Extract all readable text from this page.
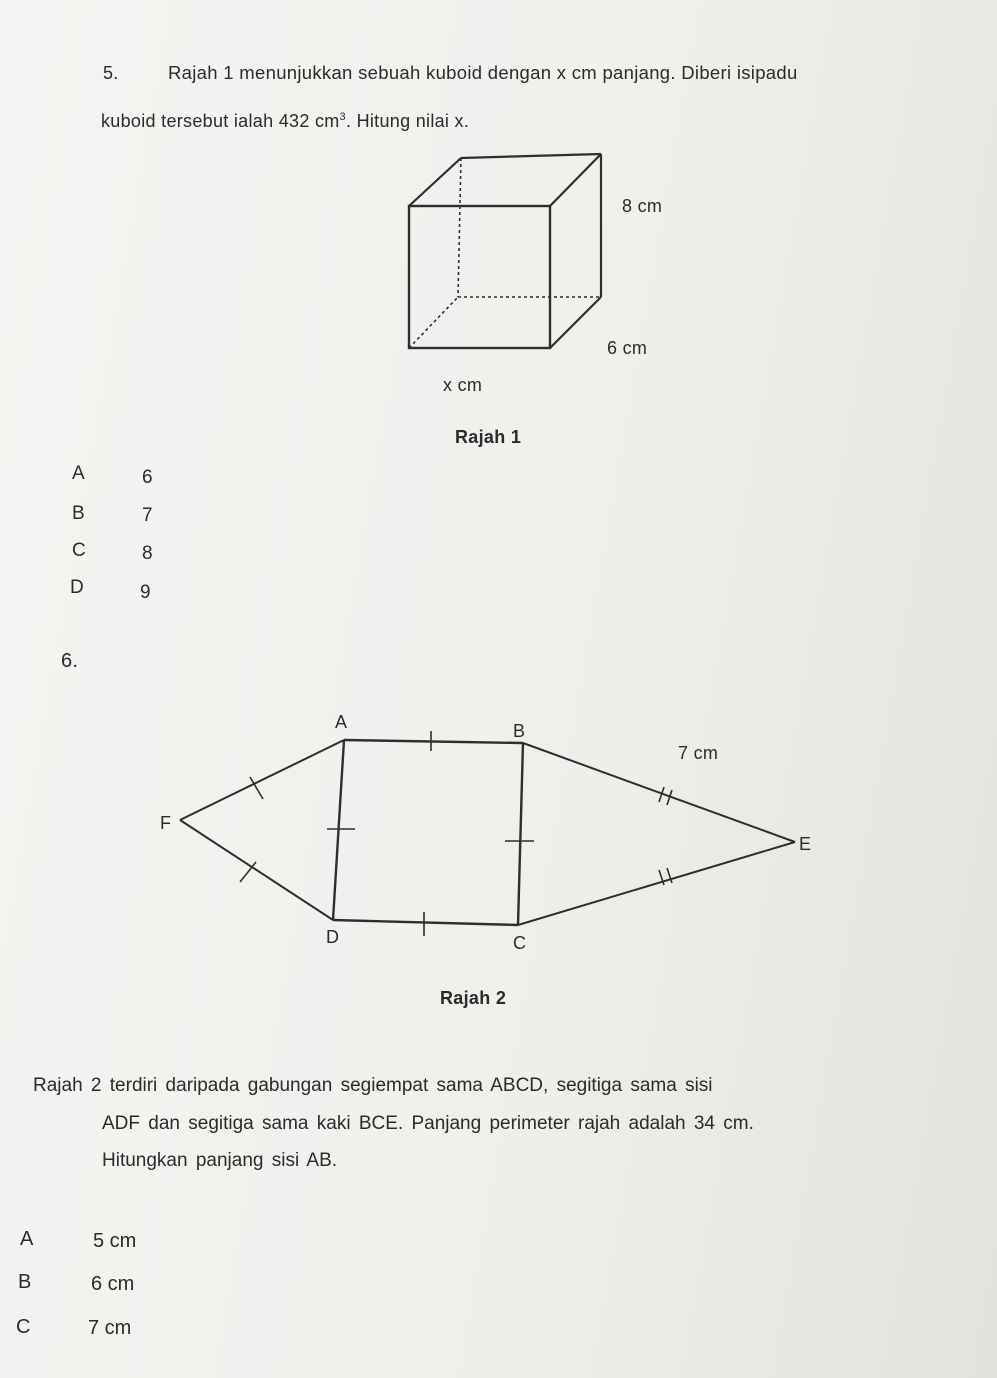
5.	Rajah 1 menunjukkan sebuah kuboid dengan x cm panjang. Diberi isipadu
kuboid tersebut ialah 432 $cm^3$. Hitung nilai x.
8 cm
6 cm
x cm
Rajah 1
A	6
B	7
C	8
D	9
6.
A	B
C
D
E
F
7 cm
Rajah 2
Rajah 2 terdiri daripada gabungan segiempat sama ABCD, segitiga sama sisi
ADF dan segitiga sama kaki BCE. Panjang perimeter rajah adalah 34 cm.
Hitungkan panjang sisi AB.
A	5 cm
B	6 cm
C	7 cm
